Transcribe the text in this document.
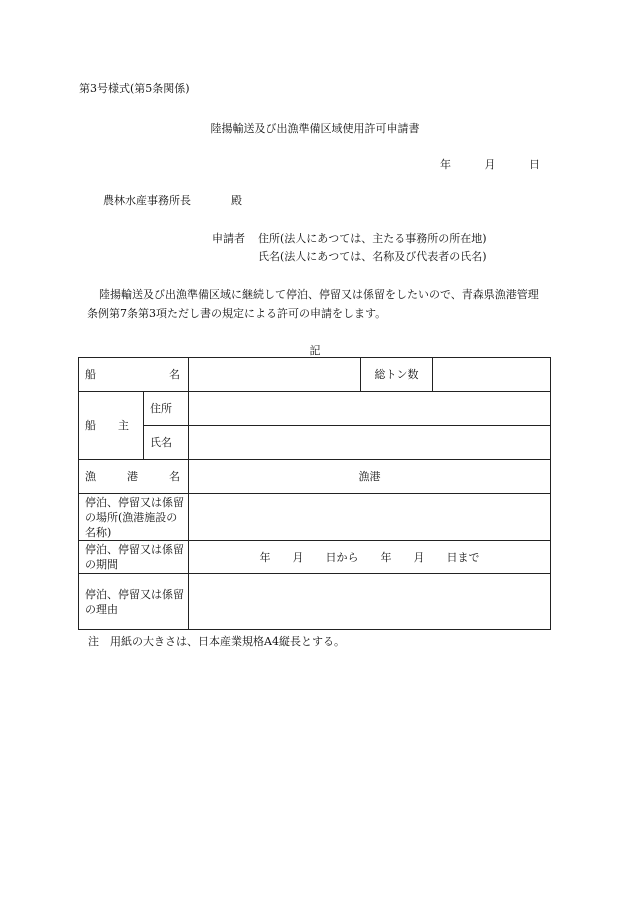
第3号様式(第5条関係)
陸揚輸送及び出漁準備区域使用許可申請書
年	月	日
農林水産事務所長	殿
申請者 住所(法人にあつては、主たる事務所の所在地)
氏名(法人にあつては、名称及び代表者の氏名)
陸揚輸送及び出漁準備区域に継続して停泊、停留又は係留をしたいので、青森県漁港管理条例第7条第3項ただし書の規定による許可の申請をします。
記
船　　　　　名			総トン数	
船　　主	住所			
	氏名			
漁　　港　　名		漁港		
停泊、停留又は係留の場所(漁港施設の名称)				
停泊、停留又は係留の期間		年　　月　　日から　　年　　月　　日まで		
停泊、停留又は係留の理由				
注　用紙の大きさは、日本産業規格A4縦長とする。
